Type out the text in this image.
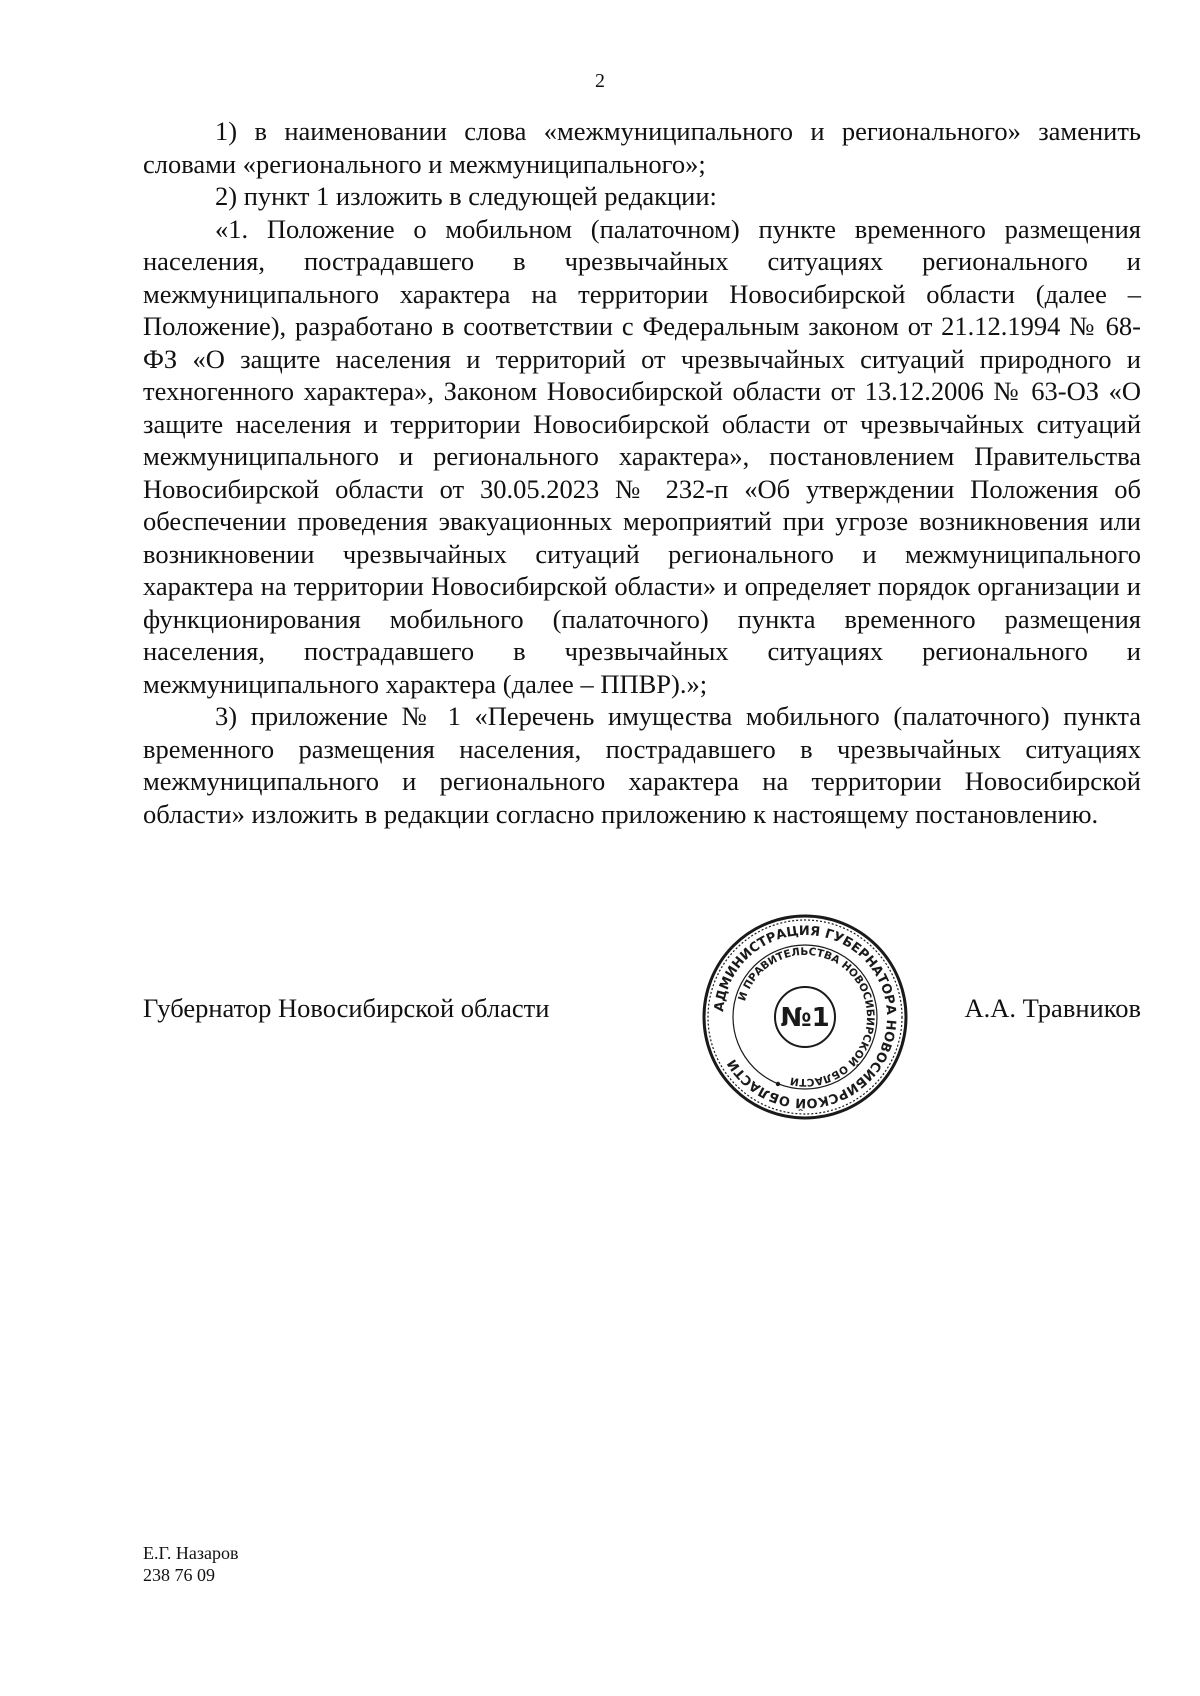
2

1) в наименовании слова «межмуниципального и регионального» заменить словами «регионального и межмуниципального»;

2) пункт 1 изложить в следующей редакции:

«1. Положение о мобильном (палаточном) пункте временного размещения населения, пострадавшего в чрезвычайных ситуациях регионального и межмуниципального характера на территории Новосибирской области (далее – Положение), разработано в соответствии с Федеральным законом от 21.12.1994 № 68-ФЗ «О защите населения и территорий от чрезвычайных ситуаций природного и техногенного характера», Законом Новосибирской области от 13.12.2006 № 63-ОЗ «О защите населения и территории Новосибирской области от чрезвычайных ситуаций межмуниципального и регионального характера», постановлением Правительства Новосибирской области от 30.05.2023 № 232-п «Об утверждении Положения об обеспечении проведения эвакуационных мероприятий при угрозе возникновения или возникновении чрезвычайных ситуаций регионального и межмуниципального характера на территории Новосибирской области» и определяет порядок организации и функционирования мобильного (палаточного) пункта временного размещения населения, пострадавшего в чрезвычайных ситуациях регионального и межмуниципального характера (далее – ППВР).»;

3) приложение № 1 «Перечень имущества мобильного (палаточного) пункта временного размещения населения, пострадавшего в чрезвычайных ситуациях межмуниципального и регионального характера на территории Новосибирской области» изложить в редакции согласно приложению к настоящему постановлению.

Губернатор Новосибирской области	А.А. Травников
АДМИНИСТРАЦИЯ ГУБЕРНАТОРА НОВОСИБИРСКОЙ ОБЛАСТИ
И ПРАВИТЕЛЬСТВА НОВОСИБИРСКОЙ ОБЛАСТИ
№1
Е.Г. Назаров
238 76 09
